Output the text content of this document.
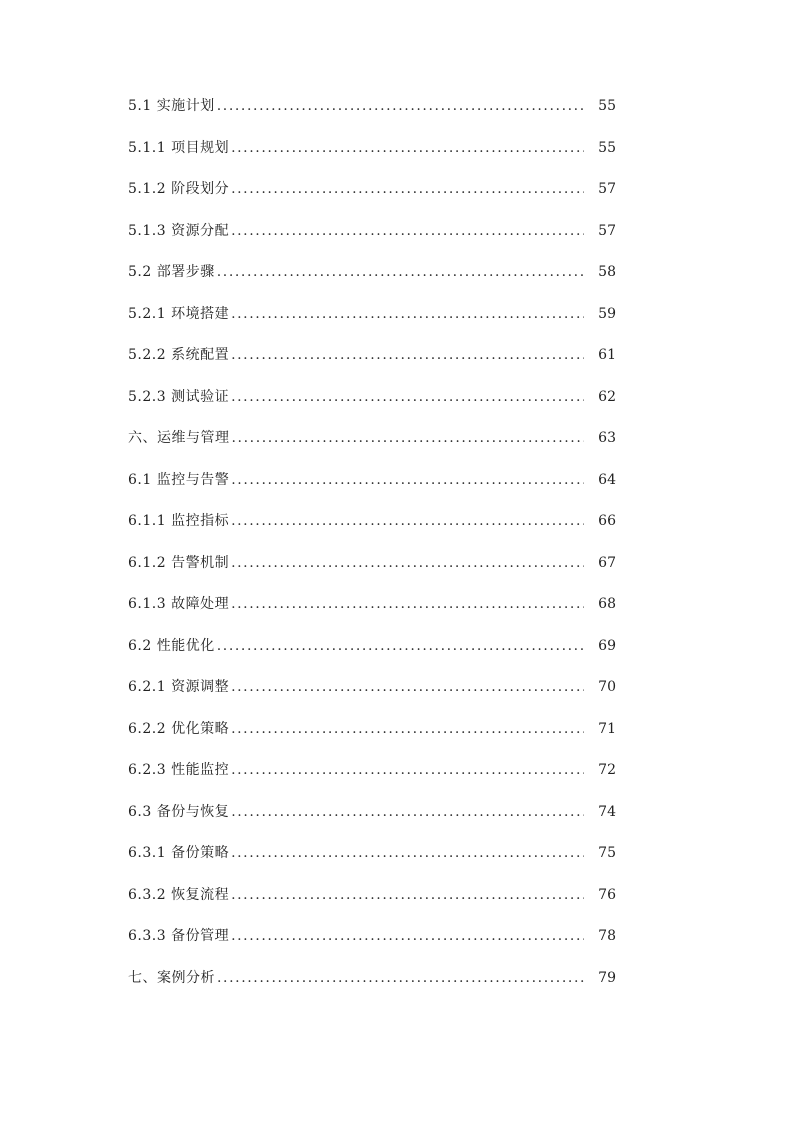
5.1 实施计划 .....	55
5.1.1 项目规划 .....	55
5.1.2 阶段划分 .....	57
5.1.3 资源分配 .....	57
5.2 部署步骤 .....	58
5.2.1 环境搭建 .....	59
5.2.2 系统配置 .....	61
5.2.3 测试验证 .....	62
六、运维与管理 .....	63
6.1 监控与告警 .....	64
6.1.1 监控指标 .....	66
6.1.2 告警机制 .....	67
6.1.3 故障处理 .....	68
6.2 性能优化 .....	69
6.2.1 资源调整 .....	70
6.2.2 优化策略 .....	71
6.2.3 性能监控 .....	72
6.3 备份与恢复 .....	74
6.3.1 备份策略 .....	75
6.3.2 恢复流程 .....	76
6.3.3 备份管理 .....	78
七、案例分析 .....	79
